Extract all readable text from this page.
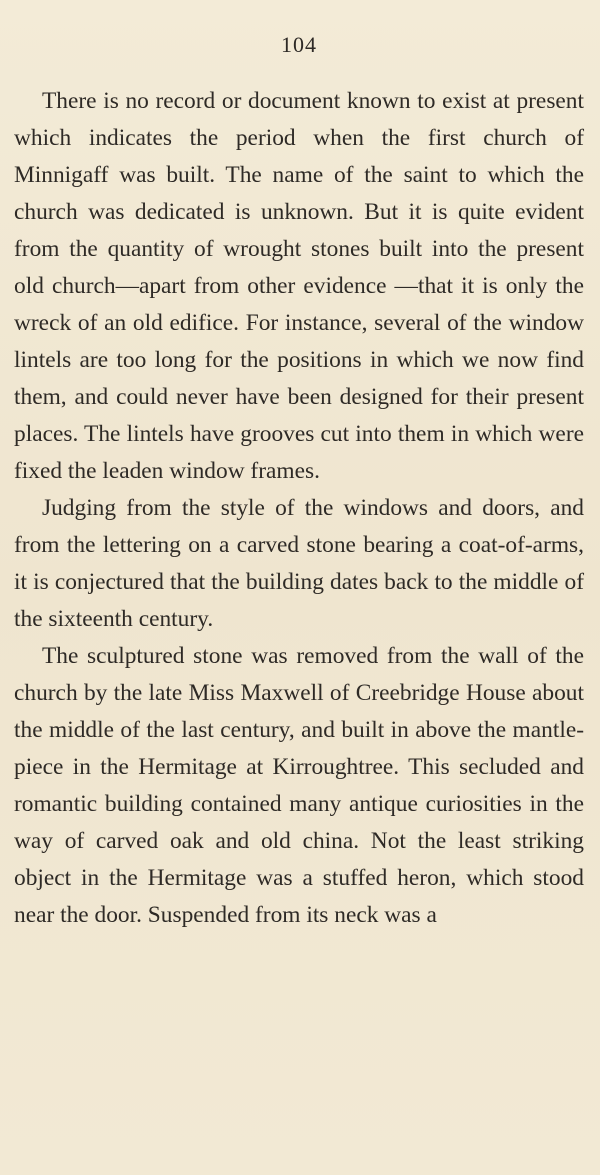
104

There is no record or document known to exist at present which indicates the period when the first church of Minnigaff was built. The name of the saint to which the church was dedicated is unknown. But it is quite evident from the quantity of wrought stones built into the present old church—apart from other evidence —that it is only the wreck of an old edifice. For instance, several of the window lintels are too long for the positions in which we now find them, and could never have been designed for their present places. The lintels have grooves cut into them in which were fixed the leaden window frames.

Judging from the style of the windows and doors, and from the lettering on a carved stone bearing a coat-of-arms, it is conjectured that the building dates back to the middle of the sixteenth century.

The sculptured stone was removed from the wall of the church by the late Miss Maxwell of Creebridge House about the middle of the last century, and built in above the mantle-piece in the Hermitage at Kirroughtree. This secluded and romantic building contained many antique curiosities in the way of carved oak and old china. Not the least striking object in the Hermitage was a stuffed heron, which stood near the door. Suspended from its neck was a
